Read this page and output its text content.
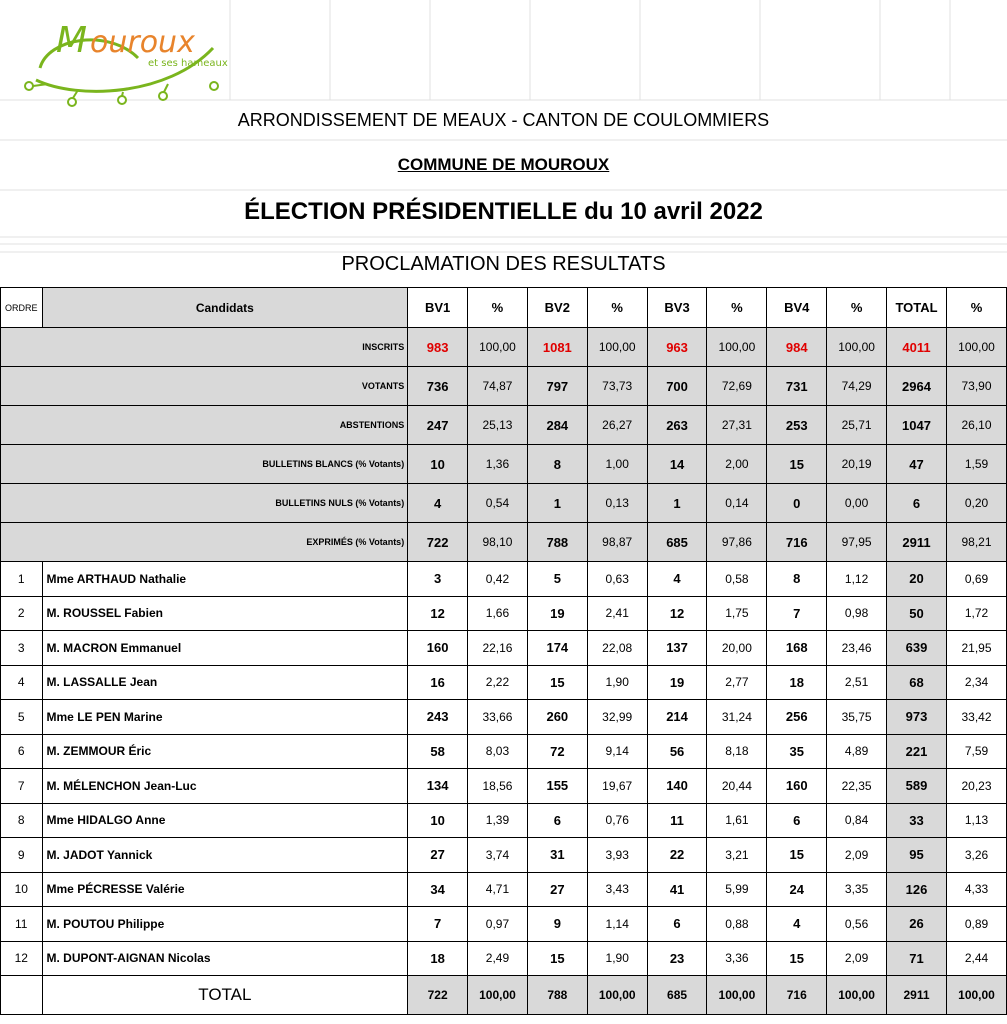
M ouroux
et ses hameaux
ARRONDISSEMENT DE MEAUX - CANTON DE COULOMMIERS
COMMUNE DE MOUROUX
ÉLECTION PRÉSIDENTIELLE du 10 avril 2022
PROCLAMATION DES RESULTATS
ORDRE	Candidats	BV1	%	BV2	%	BV3	%	BV4	%	TOTAL	%
INSCRITS		983	100,00	1081	100,00	963	100,00	984	100,00	4011	100,00
VOTANTS		736	74,87	797	73,73	700	72,69	731	74,29	2964	73,90
ABSTENTIONS		247	25,13	284	26,27	263	27,31	253	25,71	1047	26,10
BULLETINS BLANCS (% Votants)		10	1,36	8	1,00	14	2,00	15	20,19	47	1,59
BULLETINS NULS (% Votants)		4	0,54	1	0,13	1	0,14	0	0,00	6	0,20
EXPRIMÉS (% Votants)		722	98,10	788	98,87	685	97,86	716	97,95	2911	98,21
1	Mme ARTHAUD Nathalie	3	0,42	5	0,63	4	0,58	8	1,12	20	0,69
2	M. ROUSSEL Fabien	12	1,66	19	2,41	12	1,75	7	0,98	50	1,72
3	M. MACRON Emmanuel	160	22,16	174	22,08	137	20,00	168	23,46	639	21,95
4	M. LASSALLE Jean	16	2,22	15	1,90	19	2,77	18	2,51	68	2,34
5	Mme LE PEN Marine	243	33,66	260	32,99	214	31,24	256	35,75	973	33,42
6	M. ZEMMOUR Éric	58	8,03	72	9,14	56	8,18	35	4,89	221	7,59
7	M. MÉLENCHON Jean-Luc	134	18,56	155	19,67	140	20,44	160	22,35	589	20,23
8	Mme HIDALGO Anne	10	1,39	6	0,76	11	1,61	6	0,84	33	1,13
9	M. JADOT Yannick	27	3,74	31	3,93	22	3,21	15	2,09	95	3,26
10	Mme PÉCRESSE Valérie	34	4,71	27	3,43	41	5,99	24	3,35	126	4,33
11	M. POUTOU Philippe	7	0,97	9	1,14	6	0,88	4	0,56	26	0,89
12	M. DUPONT-AIGNAN Nicolas	18	2,49	15	1,90	23	3,36	15	2,09	71	2,44
	TOTAL	722	100,00	788	100,00	685	100,00	716	100,00	2911	100,00
